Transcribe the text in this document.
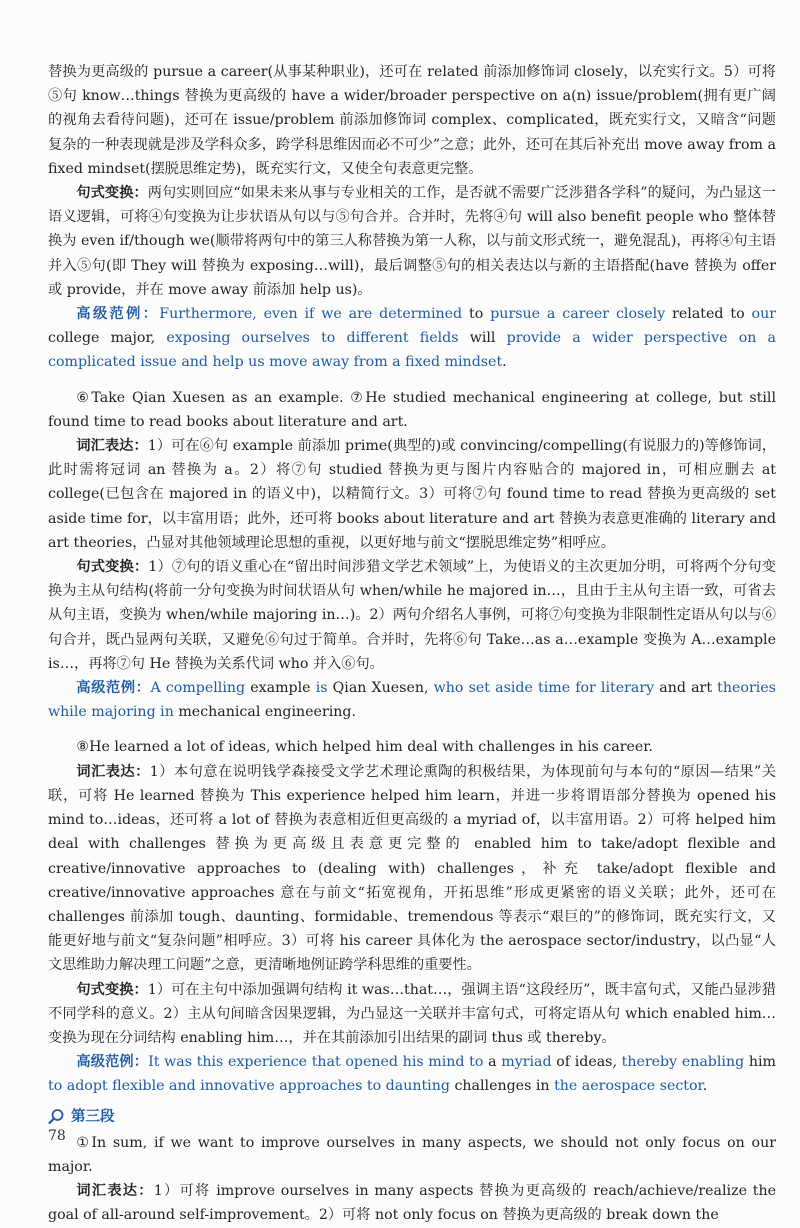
替换为更高级的 pursue a career(从事某种职业)，还可在 related 前添加修饰词 closely，以充实行文。5）可将⑤句 know…things 替换为更高级的 have a wider/broader perspective on a(n) issue/problem(拥有更广阔的视角去看待问题)，还可在 issue/problem 前添加修饰词 complex、complicated，既充实行文，又暗含“问题复杂的一种表现就是涉及学科众多，跨学科思维因而必不可少”之意；此外，还可在其后补充出 move away from a fixed mindset(摆脱思维定势)，既充实行文，又使全句表意更完整。

句式变换：两句实则回应“如果未来从事与专业相关的工作，是否就不需要广泛涉猎各学科”的疑问，为凸显这一语义逻辑，可将④句变换为让步状语从句以与⑤句合并。合并时，先将④句 will also benefit people who 整体替换为 even if/though we(顺带将两句中的第三人称替换为第一人称，以与前文形式统一，避免混乱)，再将④句主语并入⑤句(即 They will 替换为 exposing…will)，最后调整⑤句的相关表达以与新的主语搭配(have 替换为 offer 或 provide，并在 move away 前添加 help us)。

高级范例：Furthermore, even if we are determined to pursue a career closely related to our college major, exposing ourselves to different fields will provide a wider perspective on a complicated issue and help us move away from a fixed mindset.

⑥Take Qian Xuesen as an example. ⑦He studied mechanical engineering at college, but still found time to read books about literature and art.

词汇表达：1）可在⑥句 example 前添加 prime(典型的)或 convincing/compelling(有说服力的)等修饰词，此时需将冠词 an 替换为 a。2）将⑦句 studied 替换为更与图片内容贴合的 majored in，可相应删去 at college(已包含在 majored in 的语义中)，以精简行文。3）可将⑦句 found time to read 替换为更高级的 set aside time for，以丰富用语；此外，还可将 books about literature and art 替换为表意更准确的 literary and art theories，凸显对其他领域理论思想的重视，以更好地与前文“摆脱思维定势”相呼应。

句式变换：1）⑦句的语义重心在“留出时间涉猎文学艺术领域”上，为使语义的主次更加分明，可将两个分句变换为主从句结构(将前一分句变换为时间状语从句 when/while he majored in…，且由于主从句主语一致，可省去从句主语，变换为 when/while majoring in…)。2）两句介绍名人事例，可将⑦句变换为非限制性定语从句以与⑥句合并，既凸显两句关联，又避免⑥句过于简单。合并时，先将⑥句 Take…as a…example 变换为 A…example is…，再将⑦句 He 替换为关系代词 who 并入⑥句。

高级范例：A compelling example is Qian Xuesen, who set aside time for literary and art theories while majoring in mechanical engineering.

⑧He learned a lot of ideas, which helped him deal with challenges in his career.

词汇表达：1）本句意在说明钱学森接受文学艺术理论熏陶的积极结果，为体现前句与本句的“原因—结果”关联，可将 He learned 替换为 This experience helped him learn，并进一步将谓语部分替换为 opened his mind to…ideas，还可将 a lot of 替换为表意相近但更高级的 a myriad of，以丰富用语。2）可将 helped him deal with challenges 替换为更高级且表意更完整的 enabled him to take/adopt flexible and creative/innovative approaches to (dealing with) challenges，补充 take/adopt flexible and creative/innovative approaches 意在与前文“拓宽视角，开拓思维”形成更紧密的语义关联；此外，还可在 challenges 前添加 tough、daunting、formidable、tremendous 等表示“艰巨的”的修饰词，既充实行文，又能更好地与前文“复杂问题”相呼应。3）可将 his career 具体化为 the aerospace sector/industry，以凸显“人文思维助力解决理工问题”之意，更清晰地例证跨学科思维的重要性。

句式变换：1）可在主句中添加强调句结构 it was…that…，强调主语“这段经历”，既丰富句式，又能凸显涉猎不同学科的意义。2）主从句间暗含因果逻辑，为凸显这一关联并丰富句式，可将定语从句 which enabled him…变换为现在分词结构 enabling him…，并在其前添加引出结果的副词 thus 或 thereby。

高级范例：It was this experience that opened his mind to a myriad of ideas, thereby enabling him to adopt flexible and innovative approaches to daunting challenges in the aerospace sector.

第三段

①In sum, if we want to improve ourselves in many aspects, we should not only focus on our major.

词汇表达：1）可将 improve ourselves in many aspects 替换为更高级的 reach/achieve/realize the goal of all-around self-improvement。2）可将 not only focus on 替换为更高级的 break down the

78
